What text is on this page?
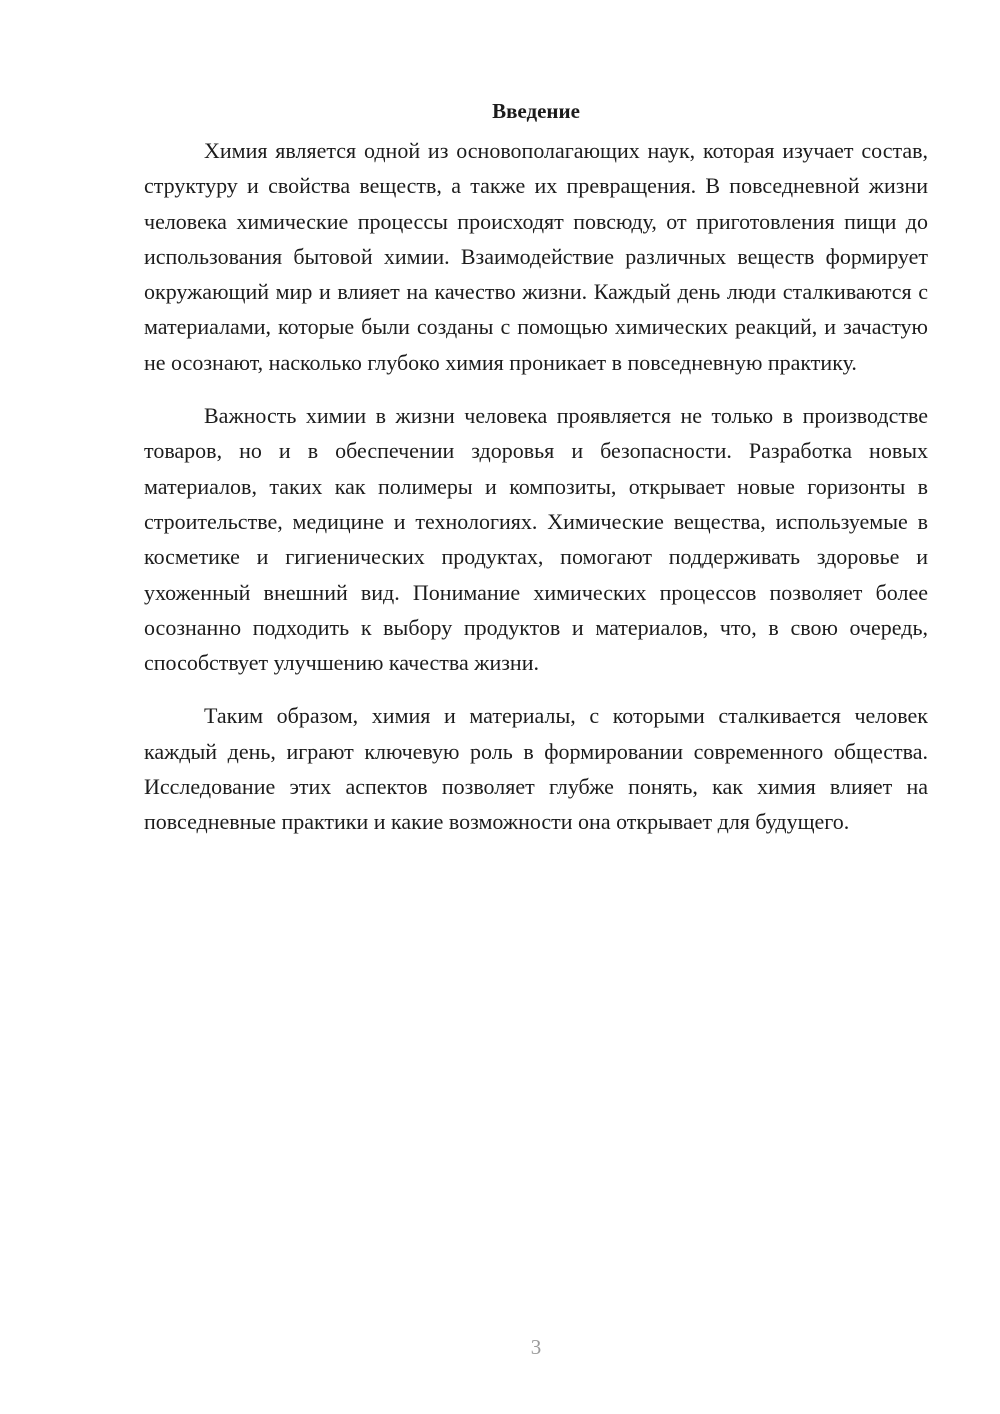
Введение

Химия является одной из основополагающих наук, которая изучает состав, структуру и свойства веществ, а также их превращения. В повседневной жизни человека химические процессы происходят повсюду, от приготовления пищи до использования бытовой химии. Взаимодействие различных веществ формирует окружающий мир и влияет на качество жизни. Каждый день люди сталкиваются с материалами, которые были созданы с помощью химических реакций, и зачастую не осознают, насколько глубоко химия проникает в повседневную практику.

Важность химии в жизни человека проявляется не только в производстве товаров, но и в обеспечении здоровья и безопасности. Разработка новых материалов, таких как полимеры и композиты, открывает новые горизонты в строительстве, медицине и технологиях. Химические вещества, используемые в косметике и гигиенических продуктах, помогают поддерживать здоровье и ухоженный внешний вид. Понимание химических процессов позволяет более осознанно подходить к выбору продуктов и материалов, что, в свою очередь, способствует улучшению качества жизни.

Таким образом, химия и материалы, с которыми сталкивается человек каждый день, играют ключевую роль в формировании современного общества. Исследование этих аспектов позволяет глубже понять, как химия влияет на повседневные практики и какие возможности она открывает для будущего.

3
